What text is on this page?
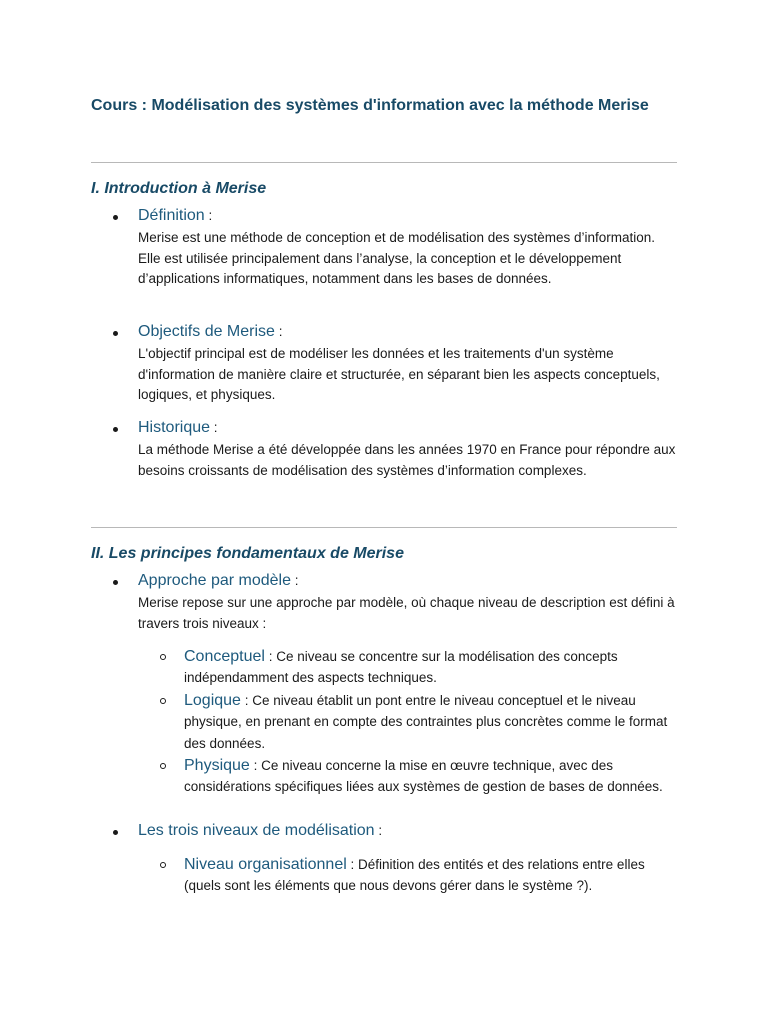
Cours : Modélisation des systèmes d'information avec la méthode Merise
I. Introduction à Merise
Définition :
Merise est une méthode de conception et de modélisation des systèmes d’information. Elle est utilisée principalement dans l’analyse, la conception et le développement d’applications informatiques, notamment dans les bases de données.
Objectifs de Merise :
L'objectif principal est de modéliser les données et les traitements d'un système d'information de manière claire et structurée, en séparant bien les aspects conceptuels, logiques, et physiques.
Historique :
La méthode Merise a été développée dans les années 1970 en France pour répondre aux besoins croissants de modélisation des systèmes d’information complexes.
II. Les principes fondamentaux de Merise
Approche par modèle :
Merise repose sur une approche par modèle, où chaque niveau de description est défini à travers trois niveaux :
Conceptuel : Ce niveau se concentre sur la modélisation des concepts indépendamment des aspects techniques.
Logique : Ce niveau établit un pont entre le niveau conceptuel et le niveau physique, en prenant en compte des contraintes plus concrètes comme le format des données.
Physique : Ce niveau concerne la mise en œuvre technique, avec des considérations spécifiques liées aux systèmes de gestion de bases de données.
Les trois niveaux de modélisation :
Niveau organisationnel : Définition des entités et des relations entre elles (quels sont les éléments que nous devons gérer dans le système ?).
